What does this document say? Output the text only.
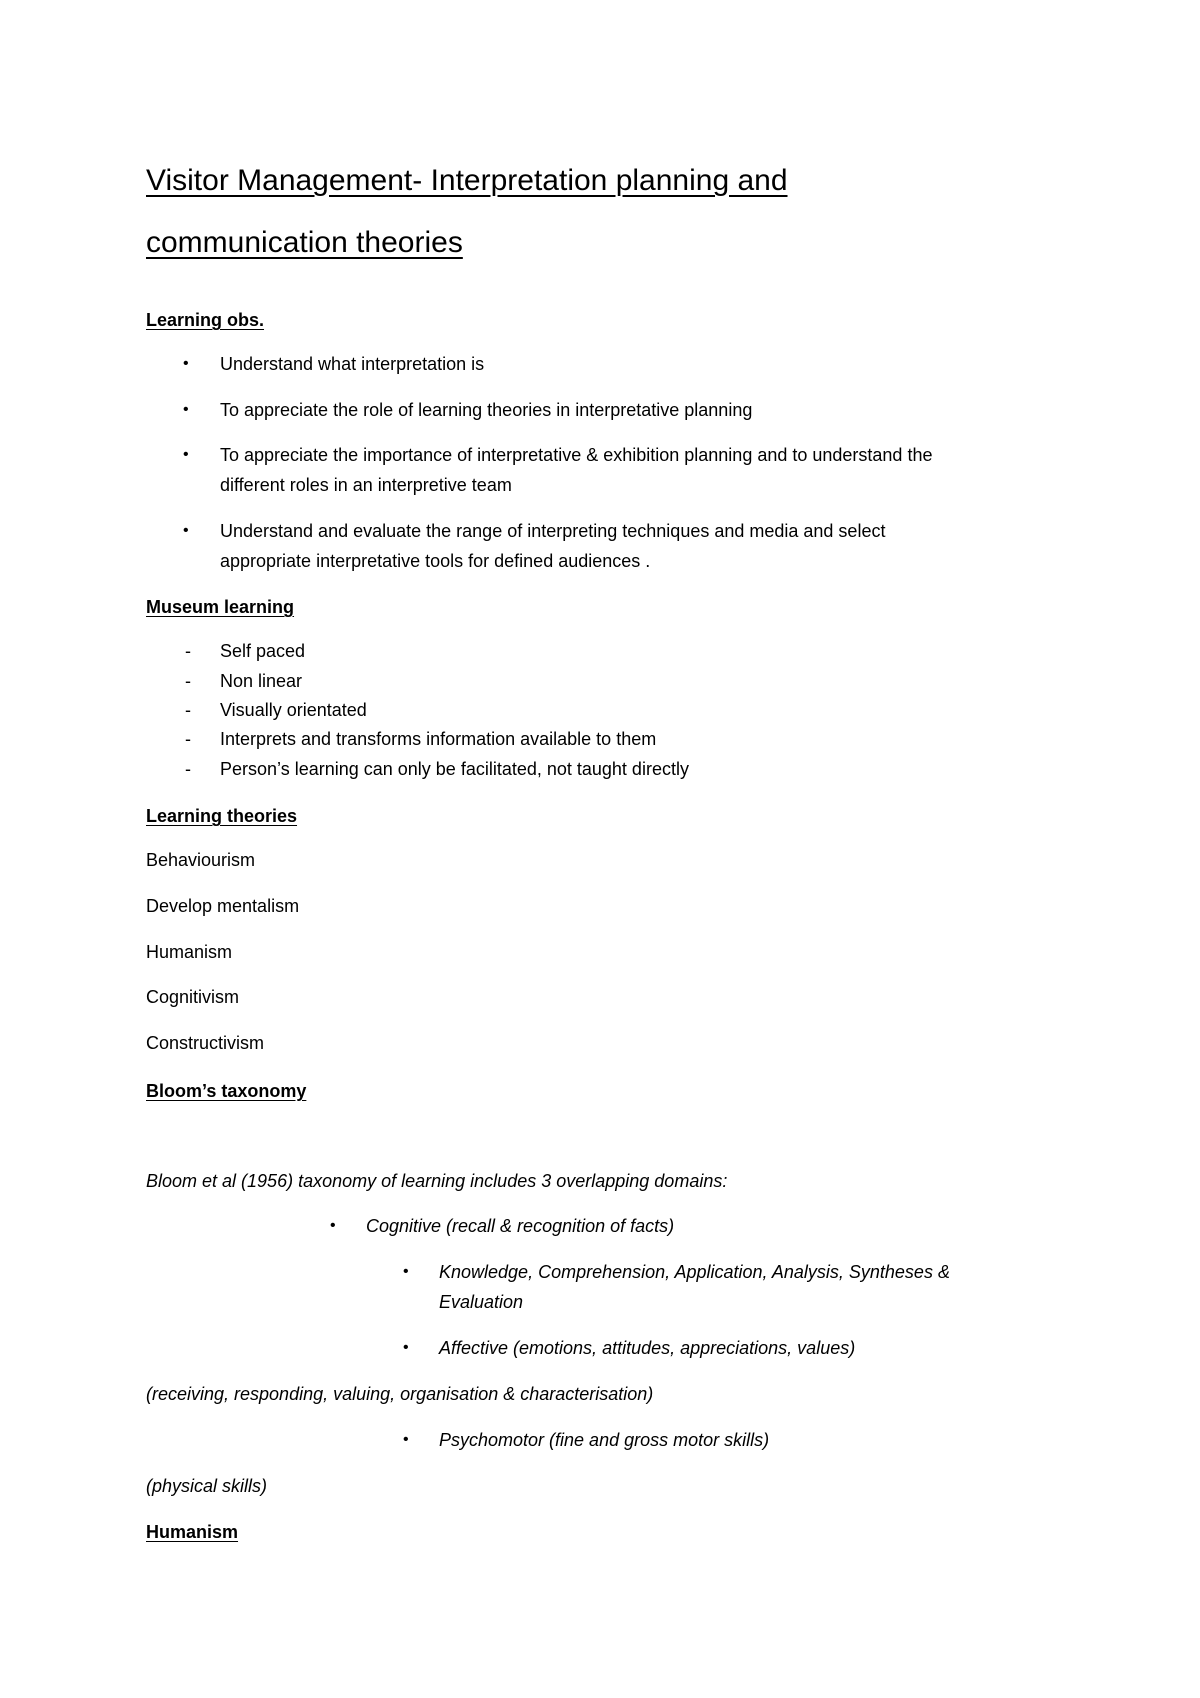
Visitor Management- Interpretation planning and
communication theories
Learning obs.
• Understand what interpretation is

• To appreciate the role of learning theories in interpretative planning

• To appreciate the importance of interpretative & exhibition planning and to understand the

different roles in an interpretive team

• Understand and evaluate the range of interpreting techniques and media and select

appropriate interpretative tools for defined audiences .

Museum learning
- Self paced

- Non linear

- Visually orientated

- Interprets and transforms information available to them

- Person’s learning can only be facilitated, not taught directly

Learning theories

Behaviourism

Develop mentalism

Humanism

Cognitivism

Constructivism

Bloom’s taxonomy

Bloom et al (1956) taxonomy of learning includes 3 overlapping domains:

• Cognitive (recall & recognition of facts)

• Knowledge, Comprehension, Application, Analysis, Syntheses &

Evaluation

• Affective (emotions, attitudes, appreciations, values)

(receiving, responding, valuing, organisation & characterisation)

• Psychomotor (fine and gross motor skills)

(physical skills)

Humanism
